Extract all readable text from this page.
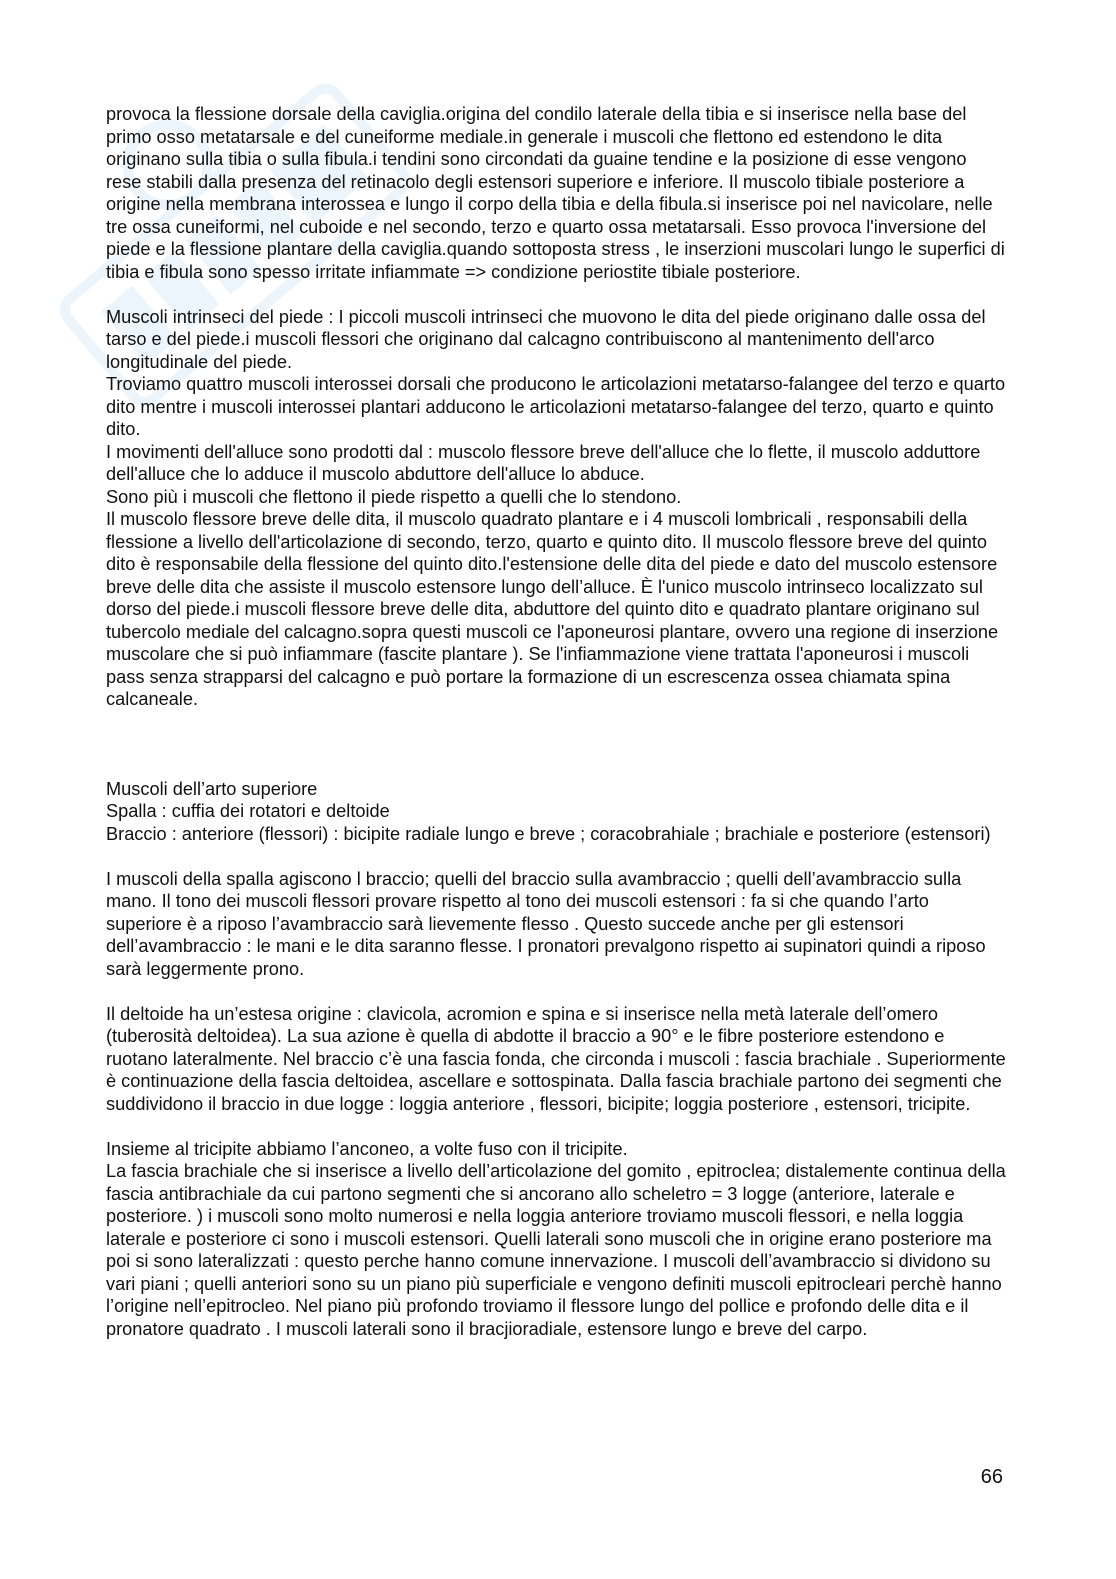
provoca la flessione dorsale della caviglia.origina del condilo laterale della tibia e si inserisce nella base del primo osso metatarsale e del cuneiforme mediale.in generale i muscoli che flettono ed estendono le dita originano sulla tibia o sulla fibula.i tendini sono circondati da guaine tendine e la posizione di esse vengono rese stabili dalla presenza del retinacolo degli estensori superiore e inferiore. Il muscolo tibiale posteriore a origine nella membrana interossea e lungo il corpo della tibia e della fibula.si inserisce poi nel navicolare, nelle tre ossa cuneiformi, nel cuboide e nel secondo, terzo e quarto ossa metatarsali. Esso provoca l'inversione del piede e la flessione plantare della caviglia.quando sottoposta stress , le inserzioni muscolari lungo le superfici di tibia e fibula sono spesso irritate infiammate => condizione periostite tibiale posteriore.

Muscoli intrinseci del piede : I piccoli muscoli intrinseci che muovono le dita del piede originano dalle ossa del tarso e del piede.i muscoli flessori che originano dal calcagno contribuiscono al mantenimento dell'arco longitudinale del piede.
Troviamo quattro muscoli interossei dorsali che producono le articolazioni metatarso-falangee del terzo e quarto dito mentre i muscoli interossei plantari adducono le articolazioni metatarso-falangee del terzo, quarto e quinto dito.
I movimenti dell'alluce sono prodotti dal : muscolo flessore breve dell'alluce che lo flette, il muscolo adduttore dell'alluce che lo adduce il muscolo abduttore dell'alluce lo abduce.
Sono più i muscoli che flettono il piede rispetto a quelli che lo stendono.
Il muscolo flessore breve delle dita, il muscolo quadrato plantare e i 4 muscoli lombricali , responsabili della flessione a livello dell'articolazione di secondo, terzo, quarto e quinto dito. Il muscolo flessore breve del quinto dito è responsabile della flessione del quinto dito.l'estensione delle dita del piede e dato del muscolo estensore breve delle dita che assiste il muscolo estensore lungo dell’alluce. È l'unico muscolo intrinseco localizzato sul dorso del piede.i muscoli flessore breve delle dita, abduttore del quinto dito e quadrato plantare originano sul tubercolo mediale del calcagno.sopra questi muscoli ce l'aponeurosi plantare, ovvero una regione di inserzione muscolare che si può infiammare (fascite plantare ). Se l'infiammazione viene trattata l'aponeurosi i muscoli pass senza strapparsi del calcagno e può portare la formazione di un escrescenza ossea chiamata spina calcaneale.

Muscoli dell’arto superiore
Spalla : cuffia dei rotatori e deltoide
Braccio : anteriore (flessori) : bicipite radiale lungo e breve ; coracobrahiale ; brachiale e posteriore (estensori)

I muscoli della spalla agiscono l braccio; quelli del braccio sulla avambraccio ; quelli dell’avambraccio sulla mano. Il tono dei muscoli flessori provare rispetto al tono dei muscoli estensori : fa si che quando l’arto superiore è a riposo l’avambraccio sarà lievemente flesso . Questo succede anche per gli estensori dell’avambraccio : le mani e le dita saranno flesse. I pronatori prevalgono rispetto ai supinatori quindi a riposo sarà leggermente prono.

Il deltoide ha un’estesa origine : clavicola, acromion e spina e si inserisce nella metà laterale dell’omero (tuberosità deltoidea). La sua azione è quella di abdotte il braccio a 90° e le fibre posteriore estendono e ruotano lateralmente. Nel braccio c’è una fascia fonda, che circonda i muscoli : fascia brachiale . Superiormente è continuazione della fascia deltoidea, ascellare e sottospinata. Dalla fascia brachiale partono dei segmenti che suddividono il braccio in due logge : loggia anteriore , flessori, bicipite; loggia posteriore , estensori, tricipite.

Insieme al tricipite abbiamo l’anconeo, a volte fuso con il tricipite.
La fascia brachiale che si inserisce a livello dell’articolazione del gomito , epitroclea; distalemente continua della fascia antibrachiale da cui partono segmenti che si ancorano allo scheletro = 3 logge (anteriore, laterale e posteriore. ) i muscoli sono molto numerosi e nella loggia anteriore troviamo muscoli flessori, e nella loggia laterale e posteriore ci sono i muscoli estensori. Quelli laterali sono muscoli che in origine erano posteriore ma poi si sono lateralizzati : questo perche hanno comune innervazione. I muscoli dell’avambraccio si dividono su vari piani ; quelli anteriori sono su un piano più superficiale e vengono definiti muscoli epitrocleari perchè hanno l’origine nell’epitrocleo. Nel piano più profondo troviamo il flessore lungo del pollice e profondo delle dita e il pronatore quadrato . I muscoli laterali sono il bracjioradiale, estensore lungo e breve del carpo.

66
